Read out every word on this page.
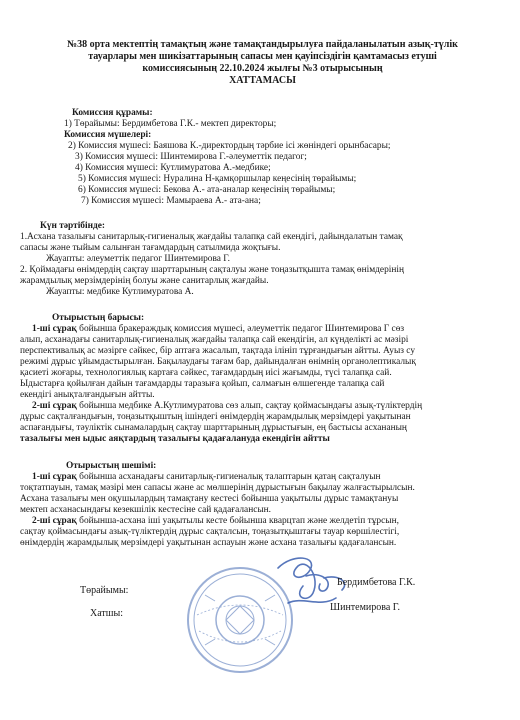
№38 орта мектептің тамақтың және тамақтандырылуға пайдаланылатын азық-түлік
тауарлары мен шикізаттарының сапасы мен қауіпсіздігін қамтамасыз етуші
комиссиясының 22.10.2024 жылғы №3 отырысының
ХАТТАМАСЫ
Комиссия құрамы:
1) Төрайымы: Бердимбетова Г.К.- мектеп директоры;
Комиссия мүшелері:
2) Комиссия мүшесі: Баяшова К.-директордың тәрбие ісі жөніндегі орынбасары;
3) Комиссия мүшесі: Шинтемирова Г.-әлеуметтік педагог;
4) Комиссия мүшесі: Кутлимуратова А.-медбике;
5) Комиссия мүшесі: Нуралина Н-қамқоршылар кеңесінің төрайымы;
6) Комиссия мүшесі: Бекова А.- ата-аналар кеңесінің төрайымы;
7) Комиссия мүшесі: Мамыраева А.- ата-ана;
Күн тәртібінде:
1.Асхана тазалығы санитарлық-гигиеналық жағдайы талапқа сай екендігі, дайындалатын тамақ
сапасы және тыйым салынған тағамдардың сатылмида жоқтығы.
Жауапты: әлеуметтік педагог Шинтемирова Г.
2. Қоймадағы өнімдердің сақтау шарттарының сақталуы және тоңазытқышта тамақ өнімдерінің
жарамдылық мерзімдерінің болуы және санитарлық жағдайы.
Жауапты: медбике Кутлимуратова А.
Отырыстың барысы:
1-ші сұрақ бойынша бракераждық комиссия мүшесі, әлеуметтік педагог Шинтемирова Г сөз
алып, асханадағы санитарлық-гигиеналық жағдайы талапқа сай екендігін, ал күнделікті ас мәзірі
перспективалық ас мәзірге сәйкес, бір аптаға жасалып, тақтада ілініп тұрғандығын айтты. Ауыз су
режимі дұрыс ұйымдастырылған. Бақылаудағы тағам бар, дайындалған өнімнің органолептикалық
қасиеті жоғары, технологиялық картаға сәйкес, тағамдардың иісі жағымды, түсі талапқа сай.
Ыдыстарға қойылған дайын тағамдарды таразыға қойып, салмағын өлшегенде талапқа сай
екендігі анықталғандығын айтты.
2-ші сұрақ бойынша медбике А.Кутлимуратова сөз алып, сақтау қоймасындағы азық-түліктердің
дұрыс сақталғандығын, тоңазытқыштың ішіндегі өнімдердің жарамдылық мерзімдері уақытынан
аспағандығы, тәуліктік сынамалардың сақтау шарттарының дұрыстығын, ең бастысы асхананың
тазалығы мен ыдыс аяқтардың тазалығы қадағалануда екендігін айтты
Отырыстың шешімі:
1-ші сұрақ бойынша асханадағы санитарлық-гигиеналық талаптарын қатаң сақталуын
тоқтатпауын, тамақ мәзірі мен сапасы және ас мөлшерінің дұрыстығын бақылау жалғастырылсын.
Асхана тазалығы мен оқушылардың тамақтану кестесі бойынша уақытылы дұрыс тамақтануы
мектеп асханасындағы кезекшілік кестесіне сай қадағалансын.
2-ші сұрақ бойынша-асхана іші уақытылы кесте бойынша кварцтап және желдетіп тұрсын,
сақтау қоймасындағы азық-түліктердің дұрыс сақталсын, тоңазытқыштағы тауар көршілестігі,
өнімдердің жарамдылық мерзімдері уақытынан аспауын және асхана тазалығы қадағалансын.
Төрайымы:
Бердимбетова Г.К.
Хатшы:
Шинтемирова Г.
